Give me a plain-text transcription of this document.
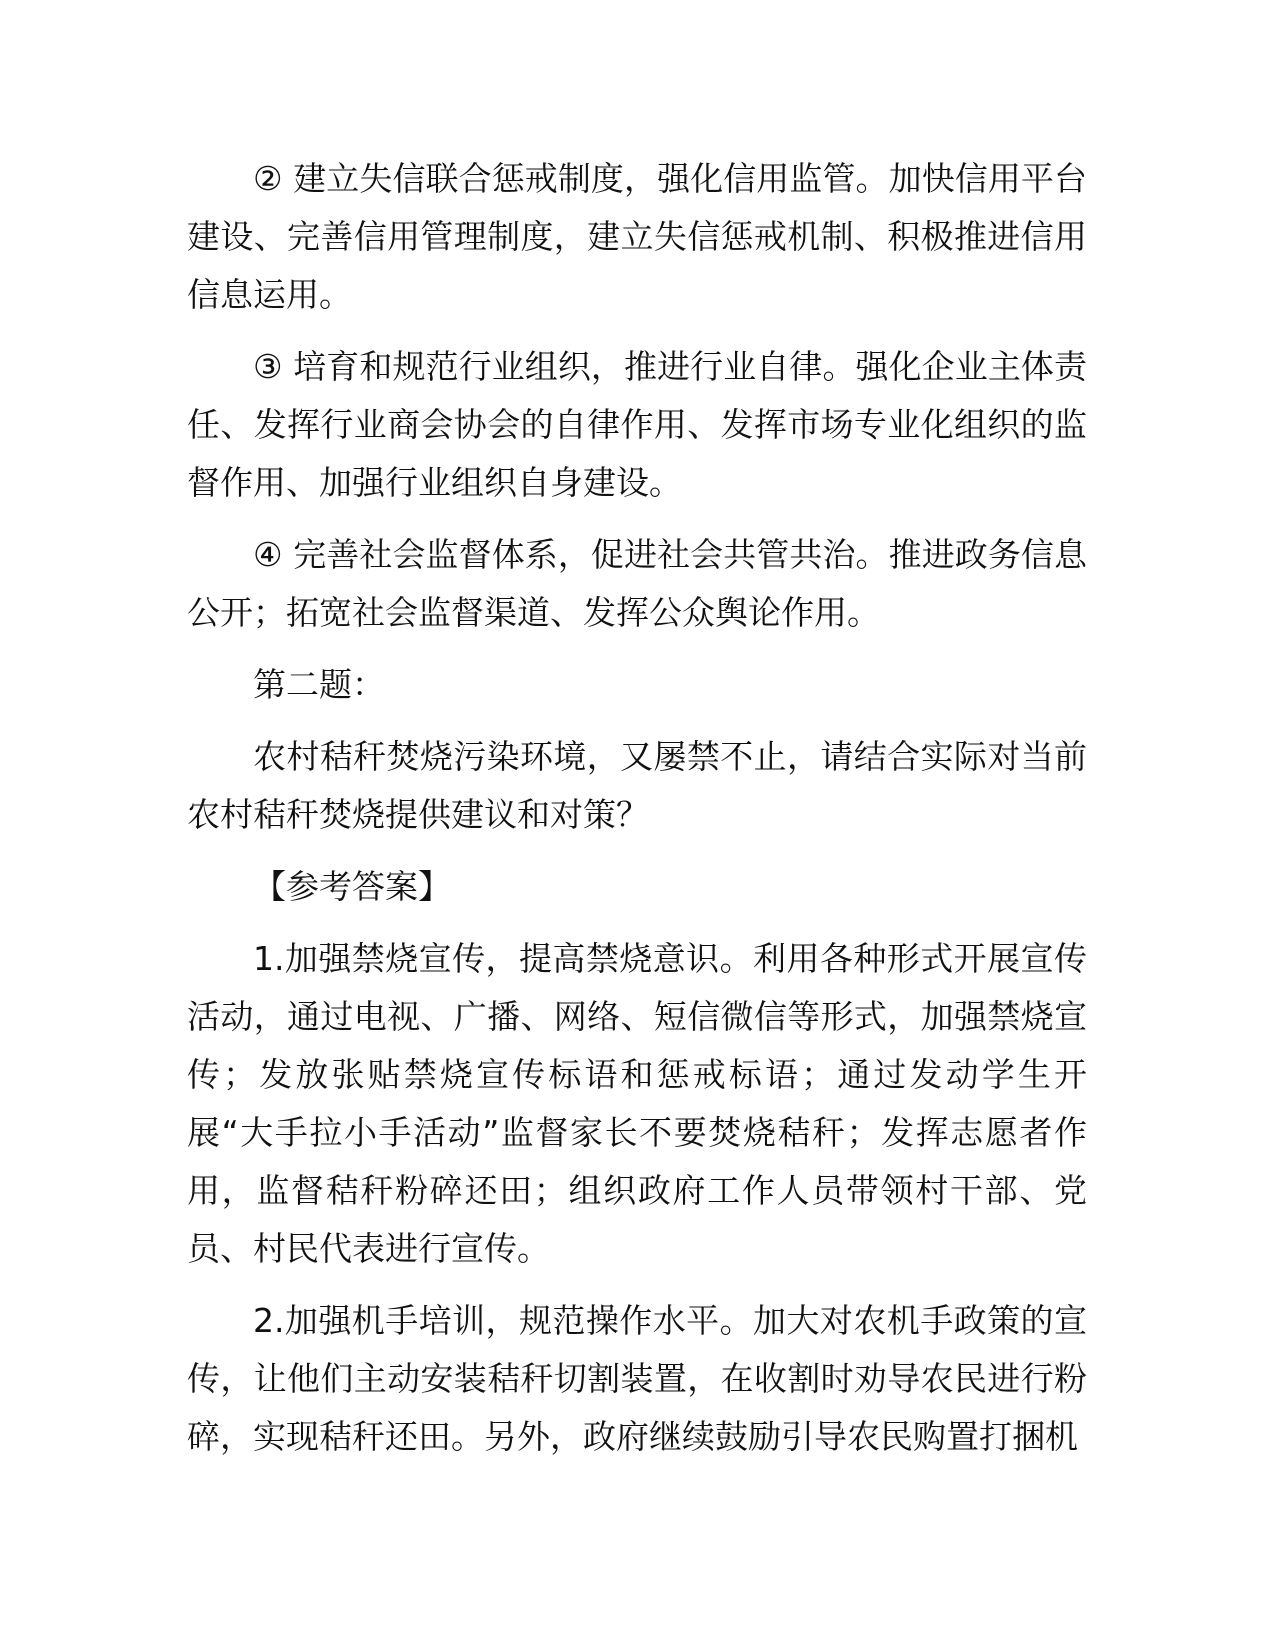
② 建立失信联合惩戒制度，强化信用监管。加快信用平台建设、完善信用管理制度，建立失信惩戒机制、积极推进信用信息运用。

③ 培育和规范行业组织，推进行业自律。强化企业主体责任、发挥行业商会协会的自律作用、发挥市场专业化组织的监督作用、加强行业组织自身建设。

④ 完善社会监督体系，促进社会共管共治。推进政务信息公开；拓宽社会监督渠道、发挥公众舆论作用。

第二题：

农村秸秆焚烧污染环境，又屡禁不止，请结合实际对当前农村秸秆焚烧提供建议和对策？

【参考答案】

1.加强禁烧宣传，提高禁烧意识。利用各种形式开展宣传活动，通过电视、广播、网络、短信微信等形式，加强禁烧宣传；发放张贴禁烧宣传标语和惩戒标语；通过发动学生开展“大手拉小手活动”监督家长不要焚烧秸秆；发挥志愿者作用，监督秸秆粉碎还田；组织政府工作人员带领村干部、党员、村民代表进行宣传。

2.加强机手培训，规范操作水平。加大对农机手政策的宣传，让他们主动安装秸秆切割装置，在收割时劝导农民进行粉碎，实现秸秆还田。另外，政府继续鼓励引导农民购置打捆机
